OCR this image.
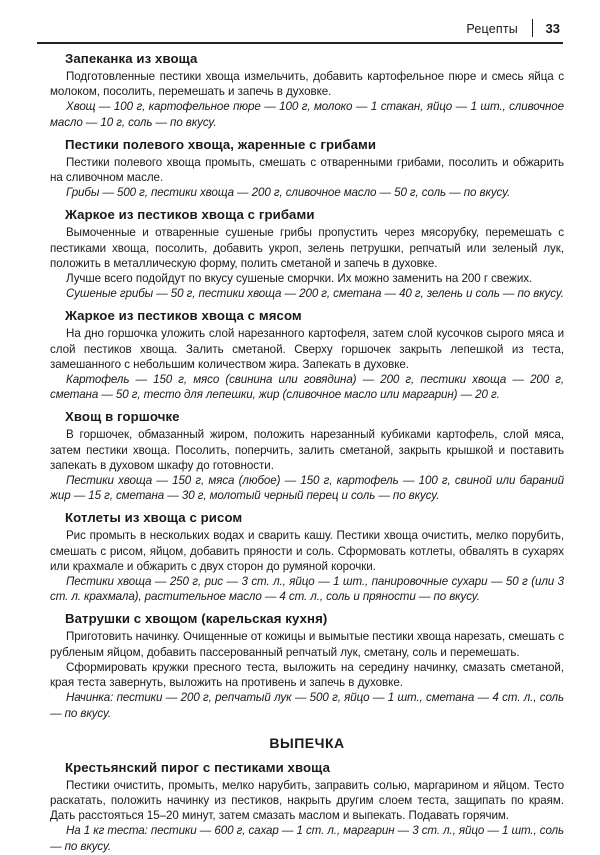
Рецепты 33
Запеканка из хвоща

Подготовленные пестики хвоща измельчить, добавить картофельное пюре и смесь яйца с молоком, посолить, перемешать и запечь в духовке.

Хвощ — 100 г, картофельное пюре — 100 г, молоко — 1 стакан, яйцо — 1 шт., сливочное масло — 10 г, соль — по вкусу.

Пестики полевого хвоща, жаренные с грибами

Пестики полевого хвоща промыть, смешать с отваренными грибами, посолить и обжарить на сливочном масле.

Грибы — 500 г, пестики хвоща — 200 г, сливочное масло — 50 г, соль — по вкусу.

Жаркое из пестиков хвоща с грибами

Вымоченные и отваренные сушеные грибы пропустить через мясорубку, перемешать с пестиками хвоща, посолить, добавить укроп, зелень петрушки, репчатый или зеленый лук, положить в металлическую форму, полить сметаной и запечь в духовке.

Лучше всего подойдут по вкусу сушеные сморчки. Их можно заменить на 200 г свежих.

Сушеные грибы — 50 г, пестики хвоща — 200 г, сметана — 40 г, зелень и соль — по вкусу.

Жаркое из пестиков хвоща с мясом

На дно горшочка уложить слой нарезанного картофеля, затем слой кусочков сырого мяса и слой пестиков хвоща. Залить сметаной. Сверху горшочек закрыть лепешкой из теста, замешанного с небольшим количеством жира. Запекать в духовке.

Картофель — 150 г, мясо (свинина или говядина) — 200 г, пестики хвоща — 200 г, сметана — 50 г, тесто для лепешки, жир (сливочное масло или маргарин) — 20 г.

Хвощ в горшочке

В горшочек, обмазанный жиром, положить нарезанный кубиками картофель, слой мяса, затем пестики хвоща. Посолить, поперчить, залить сметаной, закрыть крышкой и поставить запекать в духовом шкафу до готовности.

Пестики хвоща — 150 г, мяса (любое) — 150 г, картофель — 100 г, свиной или бараний жир — 15 г, сметана — 30 г, молотый черный перец и соль — по вкусу.

Котлеты из хвоща с рисом

Рис промыть в нескольких водах и сварить кашу. Пестики хвоща очистить, мелко порубить, смешать с рисом, яйцом, добавить пряности и соль. Сформовать котлеты, обвалять в сухарях или крахмале и обжарить с двух сторон до румяной корочки.

Пестики хвоща — 250 г, рис — 3 ст. л., яйцо — 1 шт., панировочные сухари — 50 г (или 3 ст. л. крахмала), растительное масло — 4 ст. л., соль и пряности — по вкусу.

Ватрушки с хвощом (карельская кухня)

Приготовить начинку. Очищенные от кожицы и вымытые пестики хвоща нарезать, смешать с рубленым яйцом, добавить пассерованный репчатый лук, сметану, соль и перемешать.

Сформировать кружки пресного теста, выложить на середину начинку, смазать сметаной, края теста завернуть, выложить на противень и запечь в духовке.

Начинка: пестики — 200 г, репчатый лук — 500 г, яйцо — 1 шт., сметана — 4 ст. л., соль — по вкусу.

ВЫПЕЧКА
Крестьянский пирог с пестиками хвоща

Пестики очистить, промыть, мелко нарубить, заправить солью, маргарином и яйцом. Тесто раскатать, положить начинку из пестиков, накрыть другим слоем теста, защипать по краям. Дать расстояться 15–20 минут, затем смазать маслом и выпекать. Подавать горячим.

На 1 кг теста: пестики — 600 г, сахар — 1 ст. л., маргарин — 3 ст. л., яйцо — 1 шт., соль — по вкусу.
